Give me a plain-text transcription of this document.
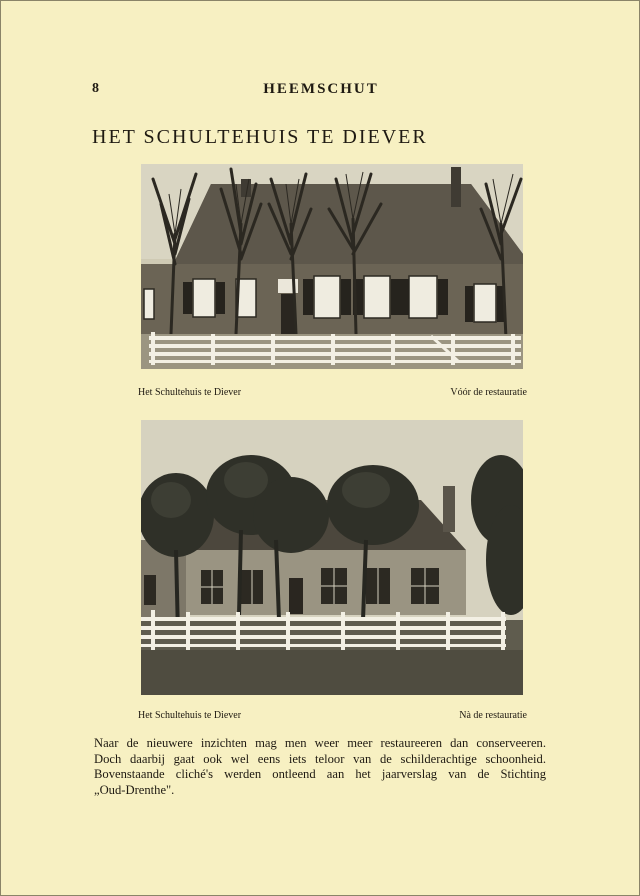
HEEMSCHUT
8
HET SCHULTEHUIS TE DIEVER
Het Schultehuis te Diever	Vóór de restauratie
Het Schultehuis te Diever	Nà de restauratie

Naar de nieuwere inzichten mag men weer meer restaureeren dan conserveeren.
Doch daarbij gaat ook wel eens iets teloor van de schilderachtige schoonheid.
Bovenstaande cliché's werden ontleend aan het jaarverslag van de Stichting
„Oud-Drenthe".
